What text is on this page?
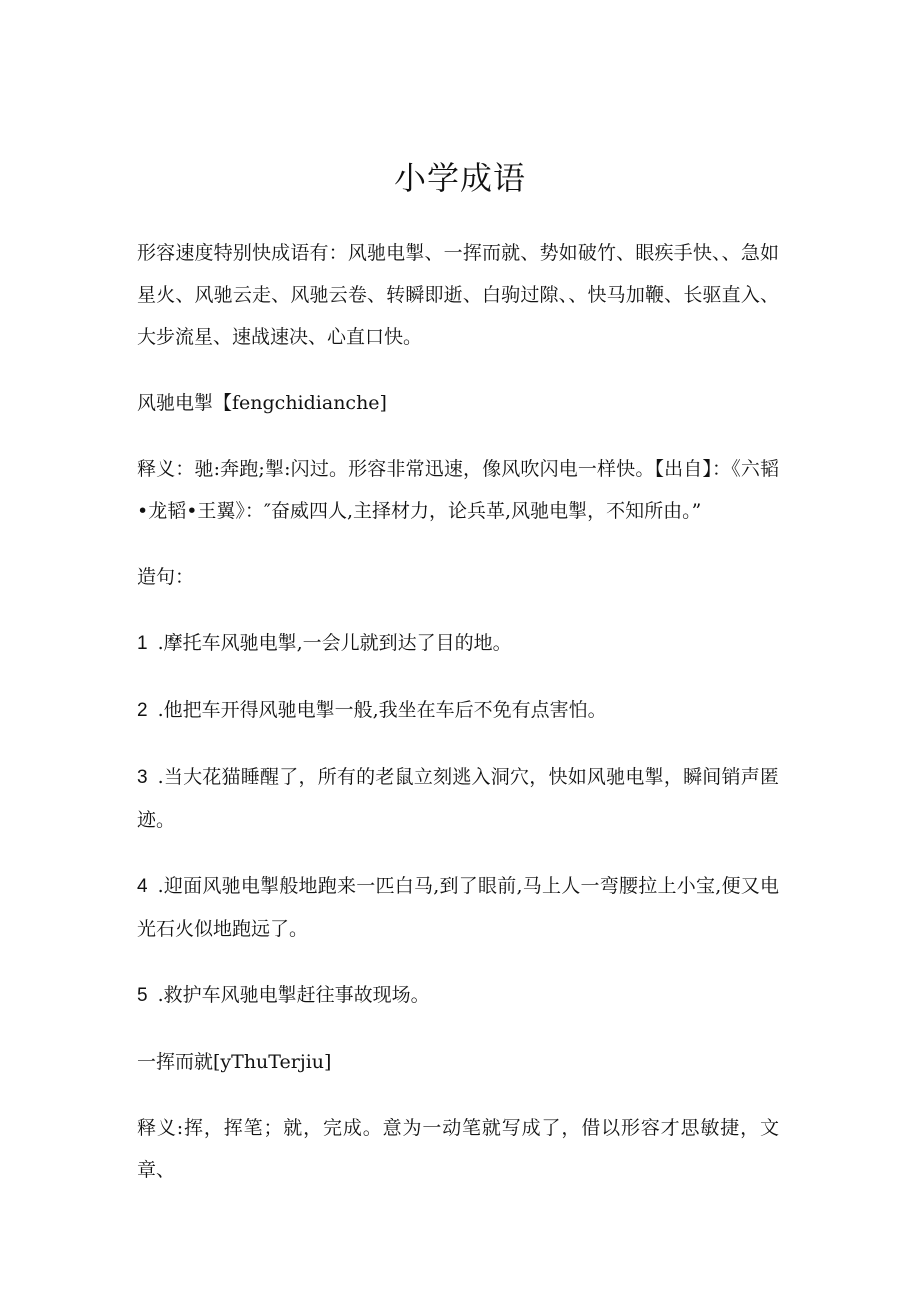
小学成语

形容速度特别快成语有：风驰电掣、一挥而就、势如破竹、眼疾手快、、急如星火、风驰云走、风驰云卷、转瞬即逝、白驹过隙、、快马加鞭、长驱直入、大步流星、速战速决、心直口快。

风驰电掣【fengchidianche]

释义：驰:奔跑;掣:闪过。形容非常迅速，像风吹闪电一样快。【出自】：《六韬•龙韬•王翼》：″奋威四人,主择材力，论兵革,风驰电掣，不知所由。”

造句：

1 .摩托车风驰电掣,一会儿就到达了目的地。

2 .他把车开得风驰电掣一般,我坐在车后不免有点害怕。

3 .当大花猫睡醒了，所有的老鼠立刻逃入洞穴，快如风驰电掣，瞬间销声匿迹。

4 .迎面风驰电掣般地跑来一匹白马,到了眼前,马上人一弯腰拉上小宝,便又电光石火似地跑远了。

5 .救护车风驰电掣赶往事故现场。

一挥而就[yThuTerjiu]

释义:挥，挥笔；就，完成。意为一动笔就写成了，借以形容才思敏捷，文章、
